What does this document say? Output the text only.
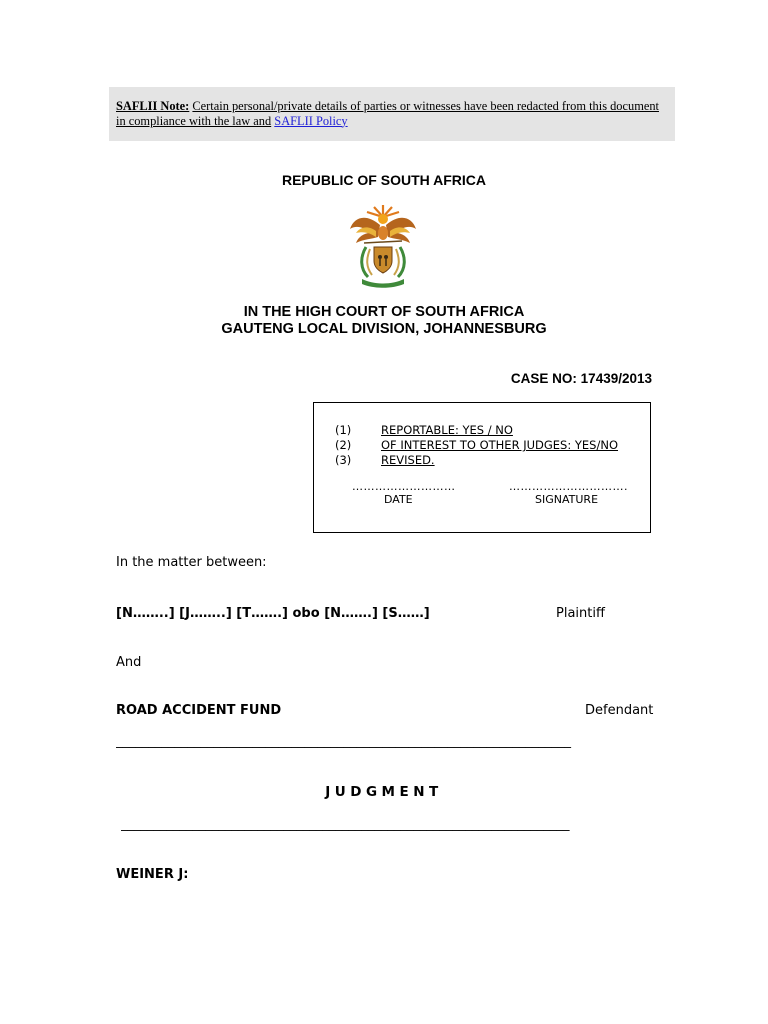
SAFLII Note: Certain personal/private details of parties or witnesses have been redacted from this document in compliance with the law and SAFLII Policy
REPUBLIC OF SOUTH AFRICA
IN THE HIGH COURT OF SOUTH AFRICA
GAUTENG LOCAL DIVISION, JOHANNESBURG
CASE NO: 17439/2013
(1)	REPORTABLE: YES / NO
(2)	OF INTEREST TO OTHER JUDGES: YES/NO
(3)	REVISED.
………………………
DATE
………………………….
SIGNATURE
In the matter between:
[N……..] [J……..] [T…….] obo [N…….] [S……]	Plaintiff
And
ROAD ACCIDENT FUND	Defendant
______________________________________________________________________
JUDGMENT
_____________________________________________________________________
WEINER J:
